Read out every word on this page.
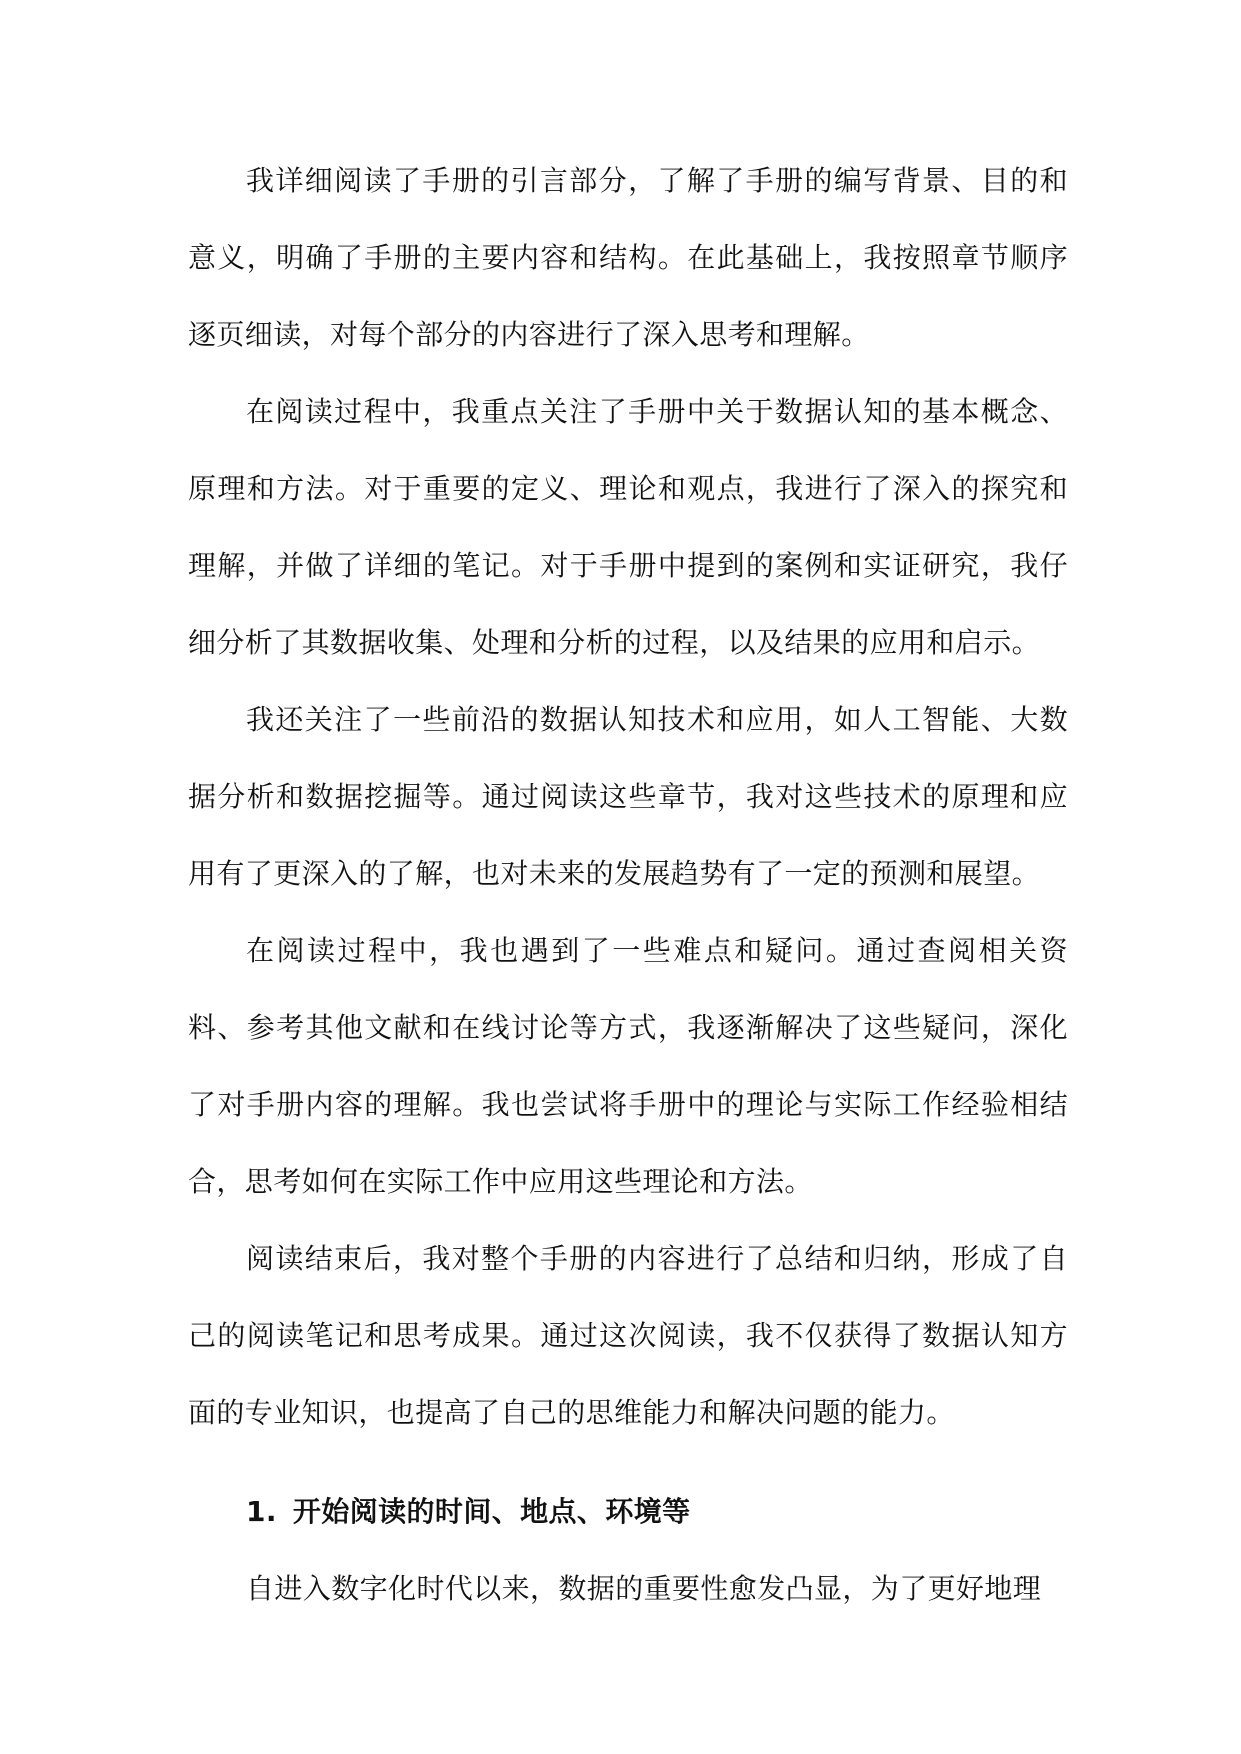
我详细阅读了手册的引言部分，了解了手册的编写背景、目的和意义，明确了手册的主要内容和结构。在此基础上，我按照章节顺序逐页细读，对每个部分的内容进行了深入思考和理解。

在阅读过程中，我重点关注了手册中关于数据认知的基本概念、原理和方法。对于重要的定义、理论和观点，我进行了深入的探究和理解，并做了详细的笔记。对于手册中提到的案例和实证研究，我仔细分析了其数据收集、处理和分析的过程，以及结果的应用和启示。

我还关注了一些前沿的数据认知技术和应用，如人工智能、大数据分析和数据挖掘等。通过阅读这些章节，我对这些技术的原理和应用有了更深入的了解，也对未来的发展趋势有了一定的预测和展望。

在阅读过程中，我也遇到了一些难点和疑问。通过查阅相关资料、参考其他文献和在线讨论等方式，我逐渐解决了这些疑问，深化了对手册内容的理解。我也尝试将手册中的理论与实际工作经验相结合，思考如何在实际工作中应用这些理论和方法。

阅读结束后，我对整个手册的内容进行了总结和归纳，形成了自己的阅读笔记和思考成果。通过这次阅读，我不仅获得了数据认知方面的专业知识，也提高了自己的思维能力和解决问题的能力。

1. 开始阅读的时间、地点、环境等

自进入数字化时代以来，数据的重要性愈发凸显，为了更好地理
